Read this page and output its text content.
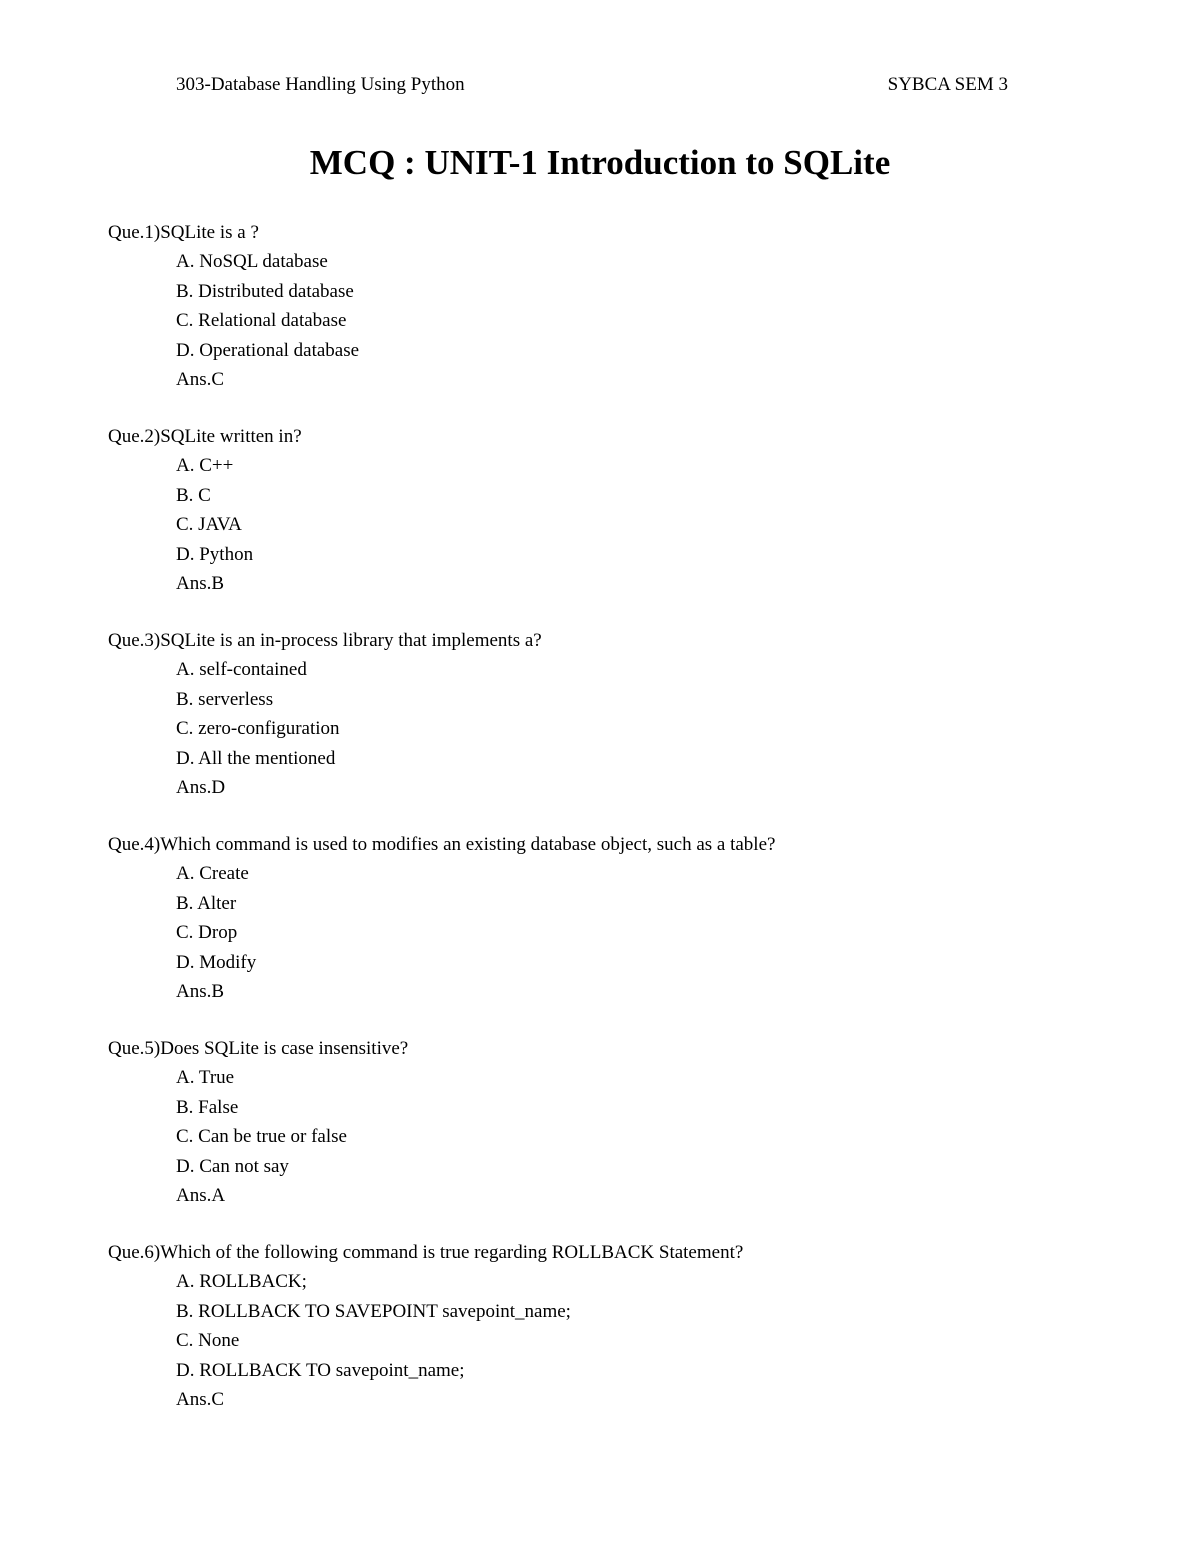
303-Database Handling Using Python	SYBCA SEM 3
MCQ : UNIT-1 Introduction to SQLite
Que.1)SQLite is a ?
A. NoSQL database
B. Distributed database
C. Relational database
D. Operational database
Ans.C
Que.2)SQLite written in?
A. C++
B. C
C. JAVA
D. Python
Ans.B
Que.3)SQLite is an in-process library that implements a?
A. self-contained
B. serverless
C. zero-configuration
D. All the mentioned
Ans.D
Que.4)Which command is used to modifies an existing database object, such as a table?
A. Create
B. Alter
C. Drop
D. Modify
Ans.B
Que.5)Does SQLite is case insensitive?
A. True
B. False
C. Can be true or false
D. Can not say
Ans.A
Que.6)Which of the following command is true regarding ROLLBACK Statement?
A. ROLLBACK;
B. ROLLBACK TO SAVEPOINT savepoint_name;
C. None
D. ROLLBACK TO savepoint_name;
Ans.C
